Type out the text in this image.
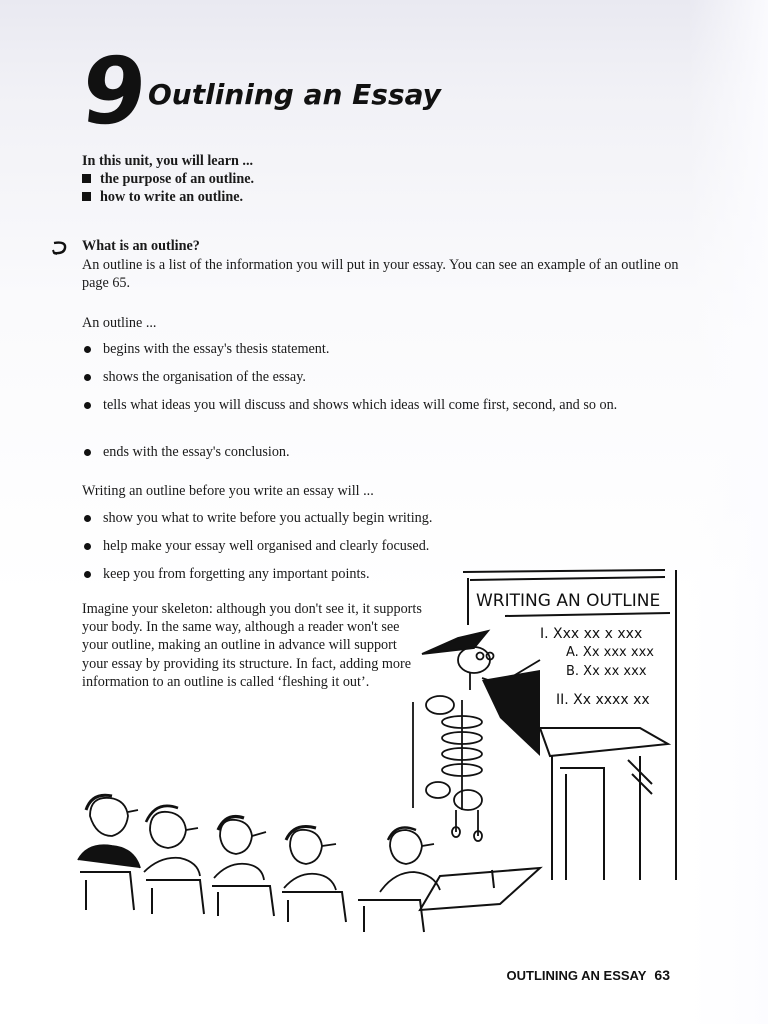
9 Outlining an Essay
In this unit, you will learn ...
the purpose of an outline.
how to write an outline.
What is an outline?
An outline is a list of the information you will put in your essay. You can see an example of an outline on page 65.
An outline ...
begins with the essay's thesis statement.
shows the organisation of the essay.
tells what ideas you will discuss and shows which ideas will come first, second, and so on.
ends with the essay's conclusion.
Writing an outline before you write an essay will ...
show you what to write before you actually begin writing.
help make your essay well organised and clearly focused.
keep you from forgetting any important points.
Imagine your skeleton: although you don't see it, it supports your body. In the same way, although a reader won't see your outline, making an outline in advance will support your essay by providing its structure. In fact, adding more information to an outline is called ‘fleshing it out’.
WRITING AN OUTLINE
I. Xxx xx x xxx
A. Xx xxx xxx
B. Xx xx xxx
II. Xx xxxx xx
OUTLINING AN ESSAY 63
